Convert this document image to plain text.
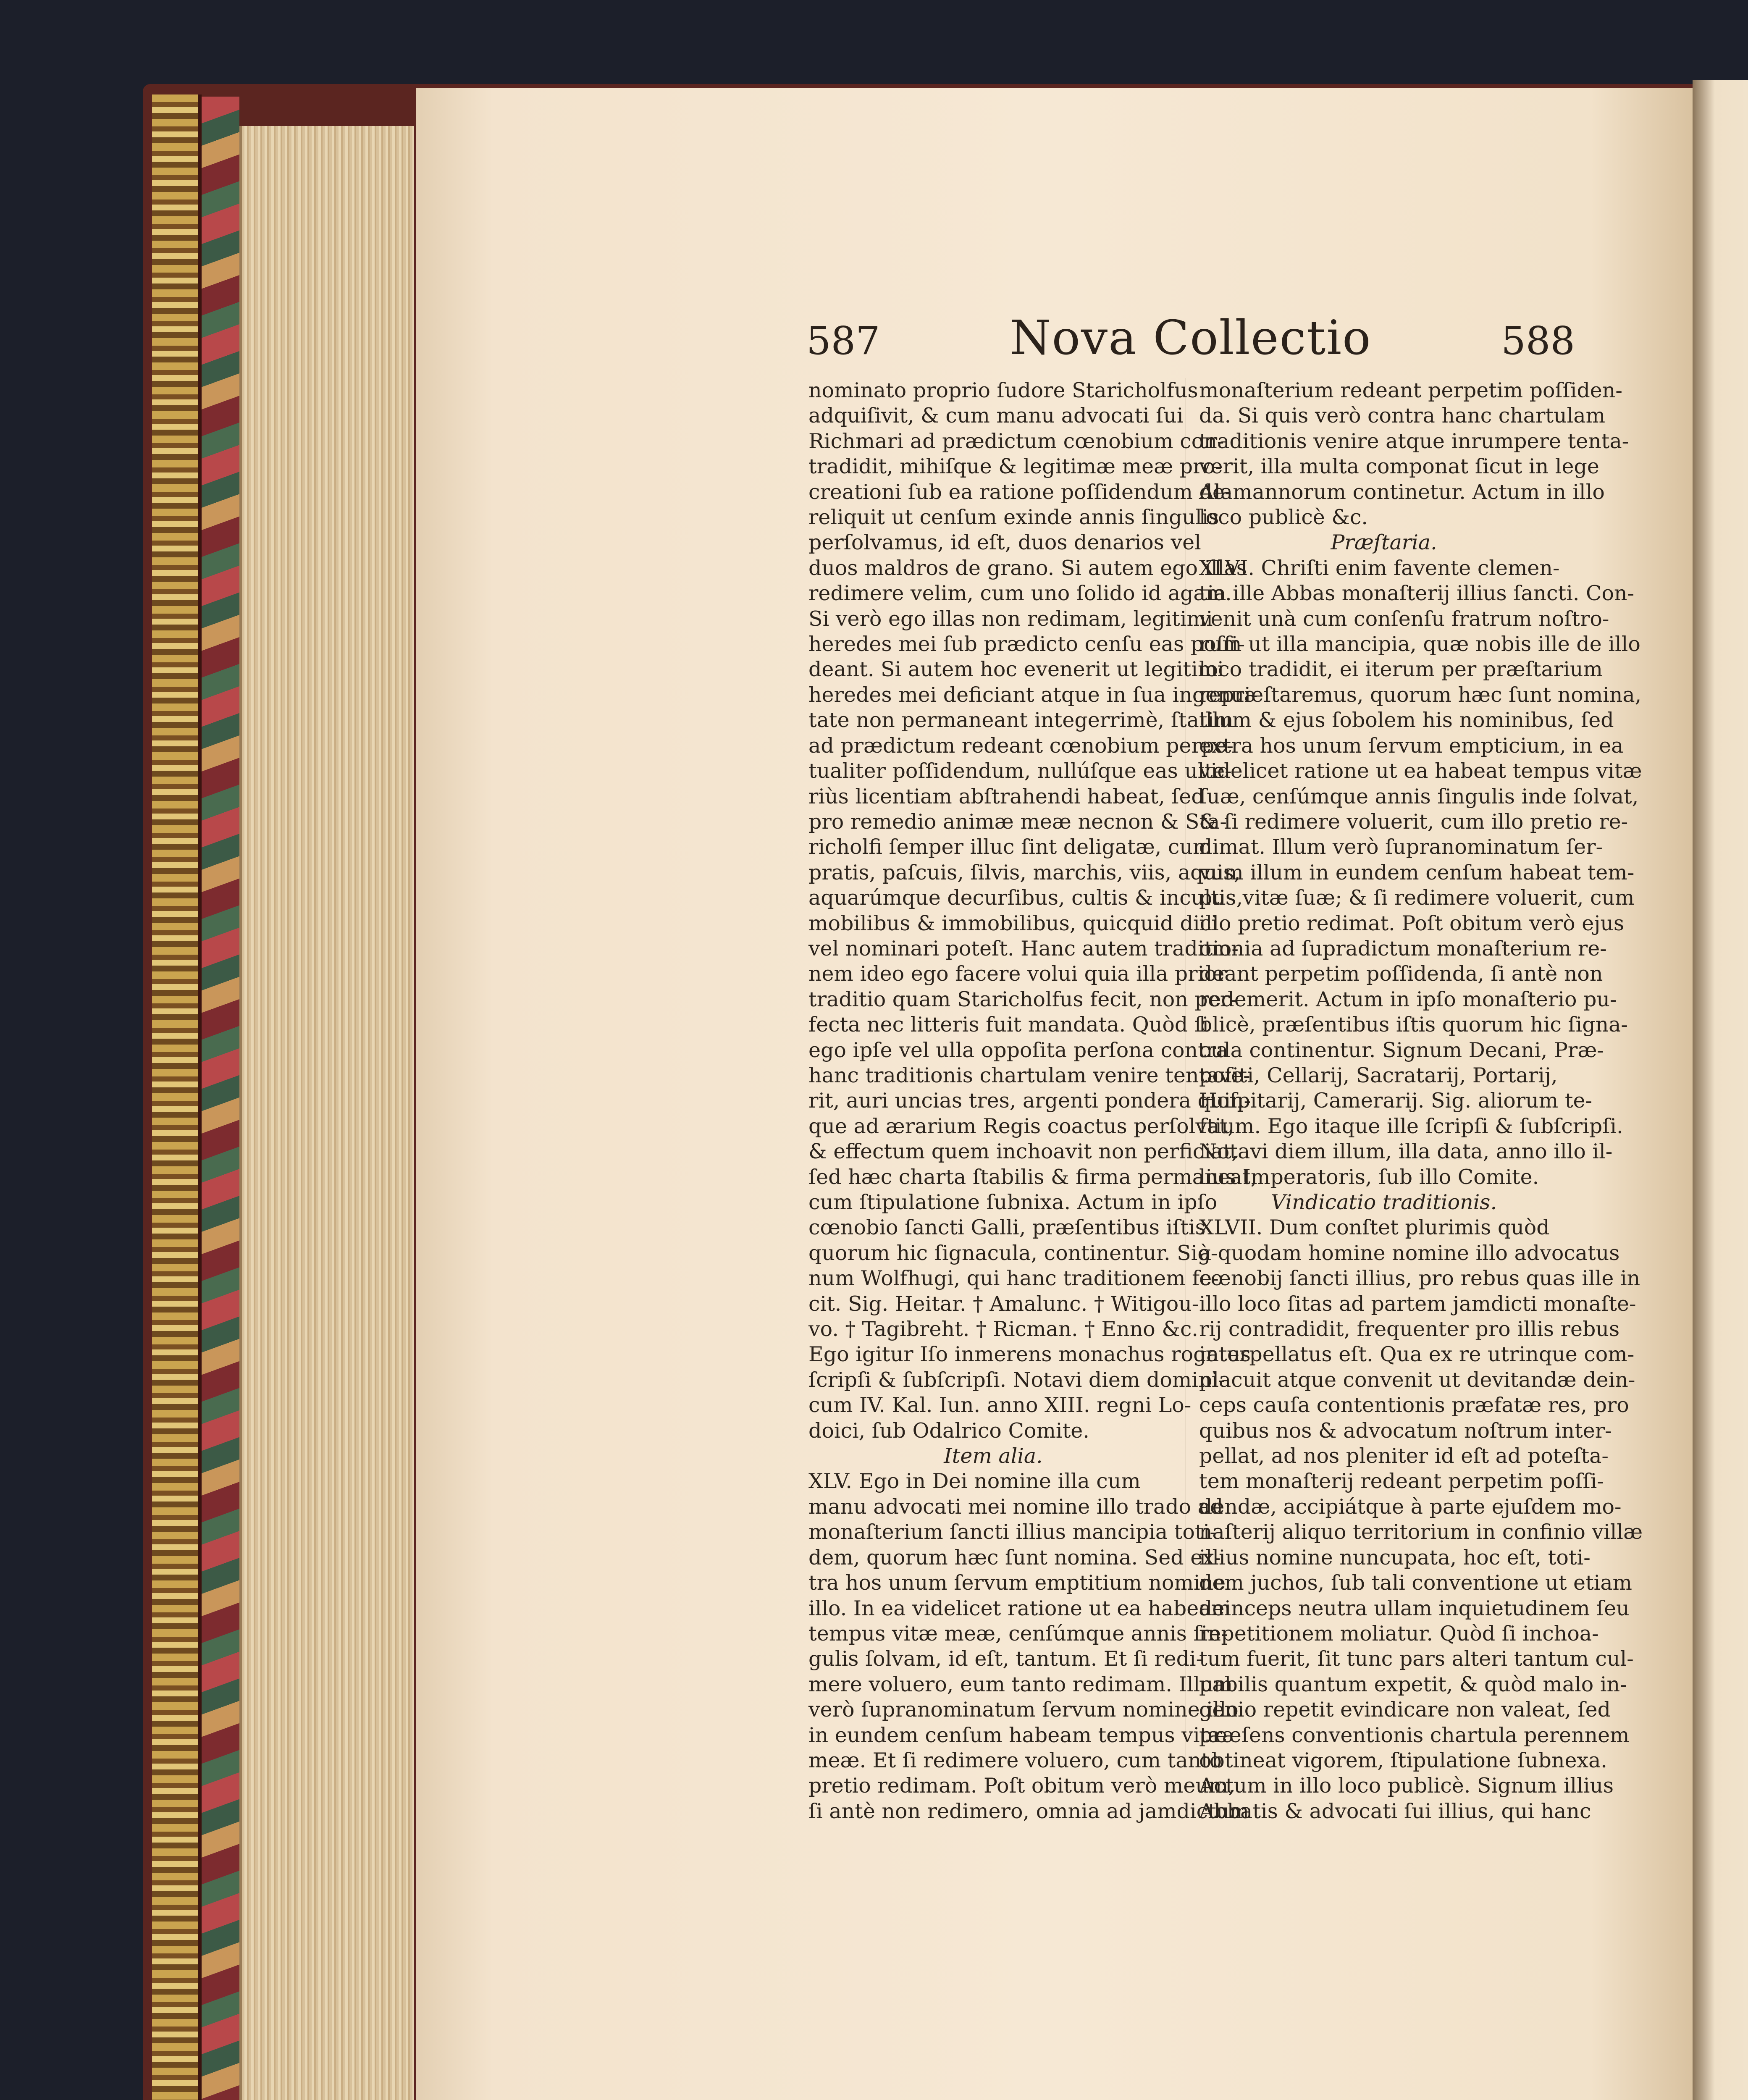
587	Nova Collectio	588
nominato proprio ſudore Staricholfus
adquiſivit, & cum manu advocati ſui
Richmari ad prædictum cœnobium con-
tradidit, mihiſque & legitimæ meæ pro-
creationi ſub ea ratione poſſidendum de-
reliquit ut cenſum exinde annis ſingulis
perſolvamus, id eſt, duos denarios vel
duos maldros de grano. Si autem ego illas
redimere velim, cum uno ſolido id agam.
Si verò ego illas non redimam, legitimi
heredes mei ſub prædicto cenſu eas poſſi-
deant. Si autem hoc evenerit ut legitimi
heredes mei deficiant atque in ſua ingenui-
tate non permaneant integerrimè, ſtatim
ad prædictum redeant cœnobium perpe-
tualiter poſſidendum, nullúſque eas ulte-
riùs licentiam abſtrahendi habeat, ſed
pro remedio animæ meæ necnon & Sta-
richolfi ſemper illuc ſint deligatæ, cum
pratis, paſcuis, ſilvis, marchis, viis, aquis,
aquarúmque decurſibus, cultis & incultis,
mobilibus & immobilibus, quicquid dici
vel nominari poteſt. Hanc autem traditio-
nem ideo ego facere volui quia illa prior
traditio quam Staricholfus fecit, non per-
fecta nec litteris fuit mandata. Quòd ſi
ego ipſe vel ulla oppoſita perſona contra
hanc traditionis chartulam venire tentave-
rit, auri uncias tres, argenti pondera quin-
que ad ærarium Regis coactus perſolvat,
& effectum quem inchoavit non perficiat,
ſed hæc charta ſtabilis & firma permaneat,
cum ſtipulatione ſubnixa. Actum in ipſo
cœnobio ſancti Galli, præſentibus iſtis
quorum hic ſignacula, continentur. Sig-
num Wolfhugi, qui hanc traditionem fe-
cit. Sig. Heitar. † Amalunc. † Witigou-
vo. † Tagibreht. † Ricman. † Enno &c.
Ego igitur Iſo inmerens monachus rogatus
ſcripſi & ſubſcripſi. Notavi diem domini-
cum IV. Kal. Iun. anno XIII. regni Lo-
doici, ſub Odalrico Comite.
Item alia.
XLV. Ego in Dei nomine illa cum
manu advocati mei nomine illo trado ad
monaſterium ſancti illius mancipia toti-
dem, quorum hæc ſunt nomina. Sed ex-
tra hos unum ſervum emptitium nomine
illo. In ea videlicet ratione ut ea habeam
tempus vitæ meæ, cenſúmque annis ſin-
gulis ſolvam, id eſt, tantum. Et ſi redi-
mere voluero, eum tanto redimam. Illum
verò ſupranominatum ſervum nomine illo
in eundem cenſum habeam tempus vitæ
meæ. Et ſi redimere voluero, cum tanto
pretio redimam. Poſt obitum verò meum,
ſi antè non redimero, omnia ad jamdictum
monaſterium redeant perpetim poſſiden-
da. Si quis verò contra hanc chartulam
traditionis venire atque inrumpere tenta-
verit, illa multa componat ſicut in lege
Alamannorum continetur. Actum in illo
loco publicè &c.
Præſtaria.
XLVI. Chriſti enim favente clemen-
tia ille Abbas monaſterij illius ſancti. Con-
venit unà cum conſenſu fratrum noſtro-
rum ut illa mancipia, quæ nobis ille de illo
loco tradidit, ei iterum per præſtarium
repræſtaremus, quorum hæc ſunt nomina,
illum & ejus ſobolem his nominibus, ſed
extra hos unum ſervum empticium, in ea
videlicet ratione ut ea habeat tempus vitæ
ſuæ, cenſúmque annis ſingulis inde ſolvat,
& ſi redimere voluerit, cum illo pretio re-
dimat. Illum verò ſupranominatum ſer-
vum illum in eundem cenſum habeat tem-
pus vitæ ſuæ; & ſi redimere voluerit, cum
illo pretio redimat. Poſt obitum verò ejus
omnia ad ſupradictum monaſterium re-
deant perpetim poſſidenda, ſi antè non
redemerit. Actum in ipſo monaſterio pu-
blicè, præſentibus iſtis quorum hic ſigna-
cula continentur. Signum Decani, Præ-
poſiti, Cellarij, Sacratarij, Portarij,
Hoſpitarij, Camerarij. Sig. aliorum te-
ſtium. Ego itaque ille ſcripſi & ſubſcripſi.
Notavi diem illum, illa data, anno illo il-
lius Imperatoris, ſub illo Comite.
Vindicatio traditionis.
XLVII. Dum conſtet plurimis quòd
à quodam homine nomine illo advocatus
cœnobij ſancti illius, pro rebus quas ille in
illo loco ſitas ad partem jamdicti monaſte-
rij contradidit, frequenter pro illis rebus
interpellatus eſt. Qua ex re utrinque com-
placuit atque convenit ut devitandæ dein-
ceps cauſa contentionis præfatæ res, pro
quibus nos & advocatum noſtrum inter-
pellat, ad nos pleniter id eſt ad poteſta-
tem monaſterij redeant perpetim poſſi-
dendæ, accipiátque à parte ejuſdem mo-
naſterij aliquo territorium in confinio villæ
illius nomine nuncupata, hoc eſt, toti-
dem juchos, ſub tali conventione ut etiam
deinceps neutra ullam inquietudinem ſeu
repetitionem moliatur. Quòd ſi inchoa-
tum fuerit, ſit tunc pars alteri tantum cul-
pabilis quantum expetit, & quòd malo in-
genio repetit evindicare non valeat, ſed
præſens conventionis chartula perennem
obtineat vigorem, ſtipulatione ſubnexa.
Actum in illo loco publicè. Signum illius
Abbatis & advocati ſui illius, qui hanc
